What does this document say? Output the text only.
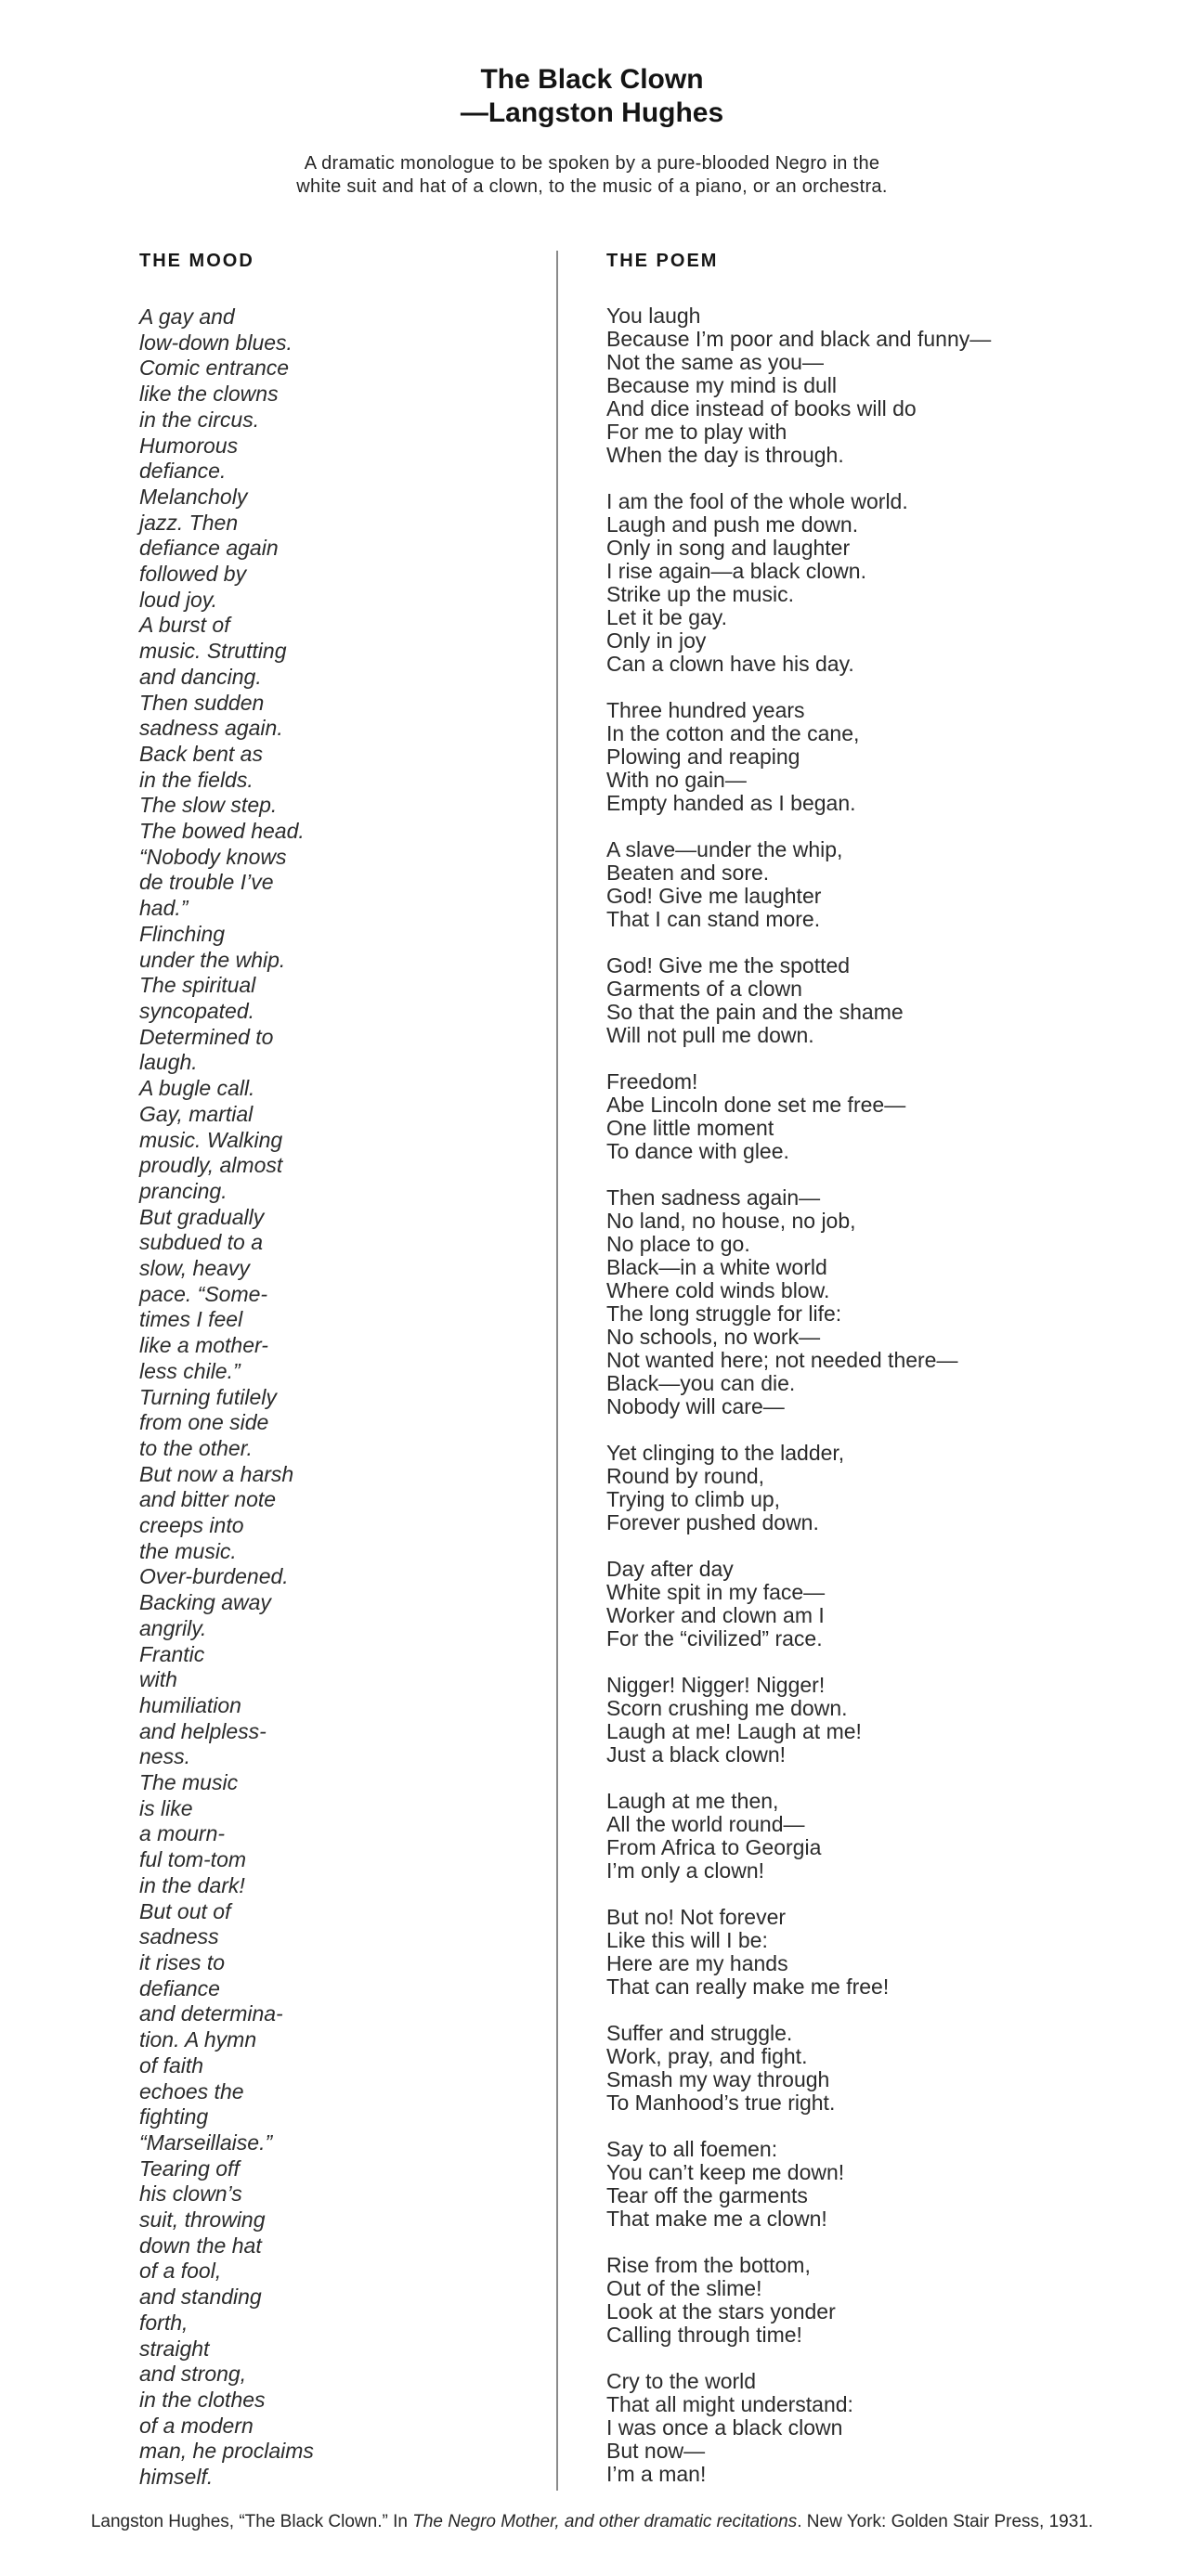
The Black Clown
—Langston Hughes
A dramatic monologue to be spoken by a pure-blooded Negro in the
white suit and hat of a clown, to the music of a piano, or an orchestra.
THE MOOD
A gay and
low-down blues.
Comic entrance
like the clowns
in the circus.
Humorous
defiance.
Melancholy
jazz. Then
defiance again
followed by
loud joy.
A burst of
music. Strutting
and dancing.
Then sudden
sadness again.
Back bent as
in the fields.
The slow step.
The bowed head.
“Nobody knows
de trouble I’ve
had.”
Flinching
under the whip.
The spiritual
syncopated.
Determined to
laugh.
A bugle call.
Gay, martial
music. Walking
proudly, almost
prancing.
But gradually
subdued to a
slow, heavy
pace. “Some-
times I feel
like a mother-
less chile.”
Turning futilely
from one side
to the other.
But now a harsh
and bitter note
creeps into
the music.
Over-burdened.
Backing away
angrily.
Frantic
with
humiliation
and helpless-
ness.
The music
is like
a mourn-
ful tom-tom
in the dark!
But out of
sadness
it rises to
defiance
and determina-
tion. A hymn
of faith
echoes the
fighting
“Marseillaise.”
Tearing off
his clown’s
suit, throwing
down the hat
of a fool,
and standing
forth,
straight
and strong,
in the clothes
of a modern
man, he proclaims
himself.
THE POEM
You laugh
Because I’m poor and black and funny—
Not the same as you—
Because my mind is dull
And dice instead of books will do
For me to play with
When the day is through.
I am the fool of the whole world.
Laugh and push me down.
Only in song and laughter
I rise again—a black clown.
Strike up the music.
Let it be gay.
Only in joy
Can a clown have his day.
Three hundred years
In the cotton and the cane,
Plowing and reaping
With no gain—
Empty handed as I began.
A slave—under the whip,
Beaten and sore.
God! Give me laughter
That I can stand more.
God! Give me the spotted
Garments of a clown
So that the pain and the shame
Will not pull me down.
Freedom!
Abe Lincoln done set me free—
One little moment
To dance with glee.
Then sadness again—
No land, no house, no job,
No place to go.
Black—in a white world
Where cold winds blow.
The long struggle for life:
No schools, no work—
Not wanted here; not needed there—
Black—you can die.
Nobody will care—
Yet clinging to the ladder,
Round by round,
Trying to climb up,
Forever pushed down.
Day after day
White spit in my face—
Worker and clown am I
For the “civilized” race.
Nigger! Nigger! Nigger!
Scorn crushing me down.
Laugh at me! Laugh at me!
Just a black clown!
Laugh at me then,
All the world round—
From Africa to Georgia
I’m only a clown!
But no! Not forever
Like this will I be:
Here are my hands
That can really make me free!
Suffer and struggle.
Work, pray, and fight.
Smash my way through
To Manhood’s true right.
Say to all foemen:
You can’t keep me down!
Tear off the garments
That make me a clown!
Rise from the bottom,
Out of the slime!
Look at the stars yonder
Calling through time!
Cry to the world
That all might understand:
I was once a black clown
But now—
I’m a man!
Langston Hughes, “The Black Clown.” In The Negro Mother, and other dramatic recitations. New York: Golden Stair Press, 1931.
